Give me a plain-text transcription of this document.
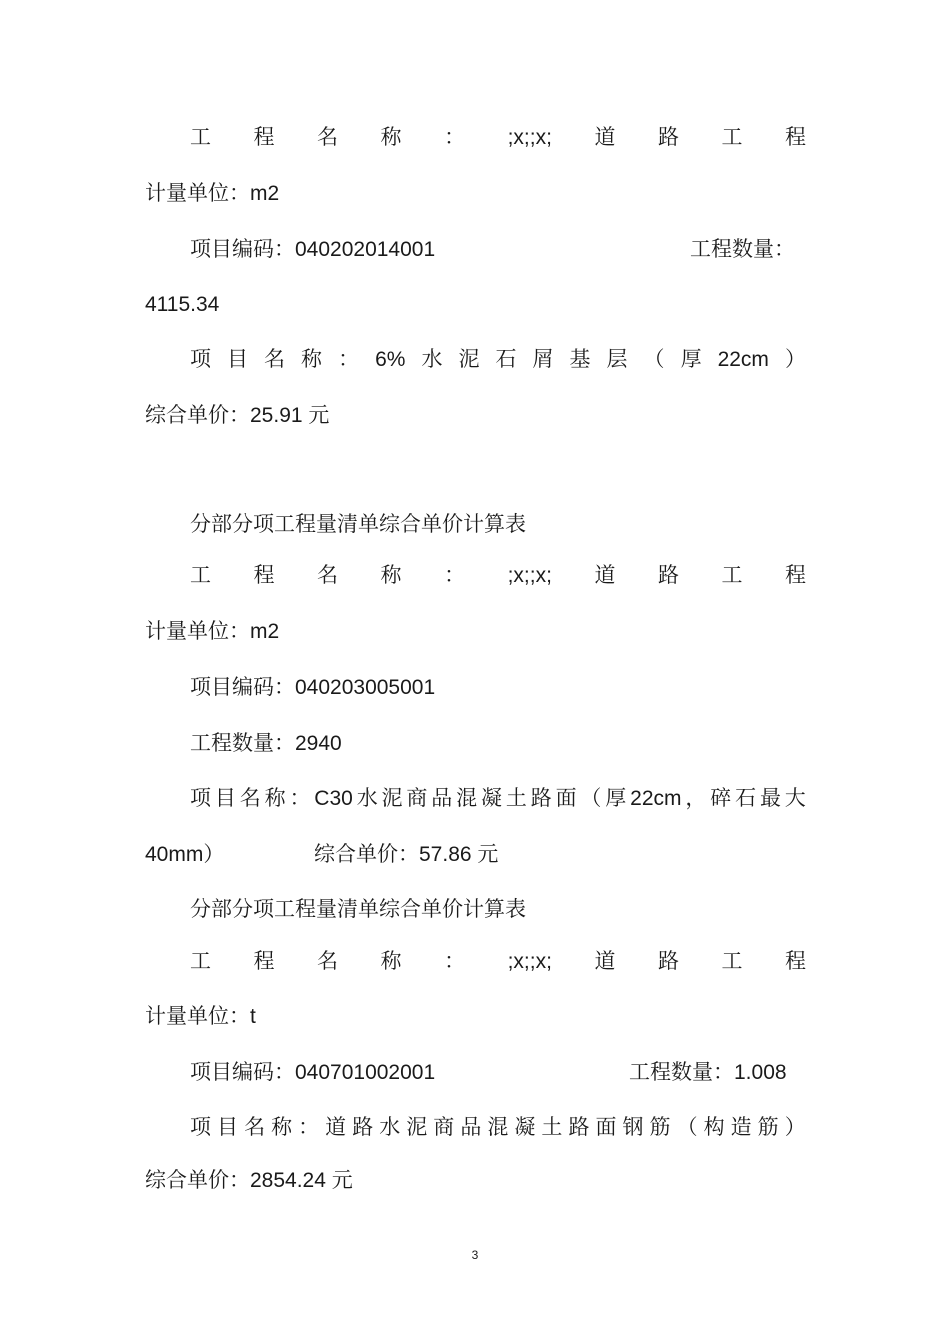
工 程 名 称 ： ;x;;x; 道 路 工 程
计量单位：m2
项目编码：040202014001	工程数量：
4115.34
项 目 名 称 ： 6% 水 泥 石 屑 基 层 （ 厚 22cm ）
综合单价：25.91 元
分部分项工程量清单综合单价计算表
工 程 名 称 ： ;x;;x; 道 路 工 程
计量单位：m2
项目编码：040203005001
工程数量：2940
项 目 名 称 ： C30 水 泥 商 品 混 凝 土 路 面 （ 厚 22cm ， 碎 石 最 大
40mm）	综合单价：57.86 元
分部分项工程量清单综合单价计算表
工 程 名 称 ： ;x;;x; 道 路 工 程
计量单位：t
项目编码：040701002001	工程数量：1.008
项 目 名 称 ： 道 路 水 泥 商 品 混 凝 土 路 面 钢 筋 （ 构 造 筋 ）
综合单价：2854.24 元
3
